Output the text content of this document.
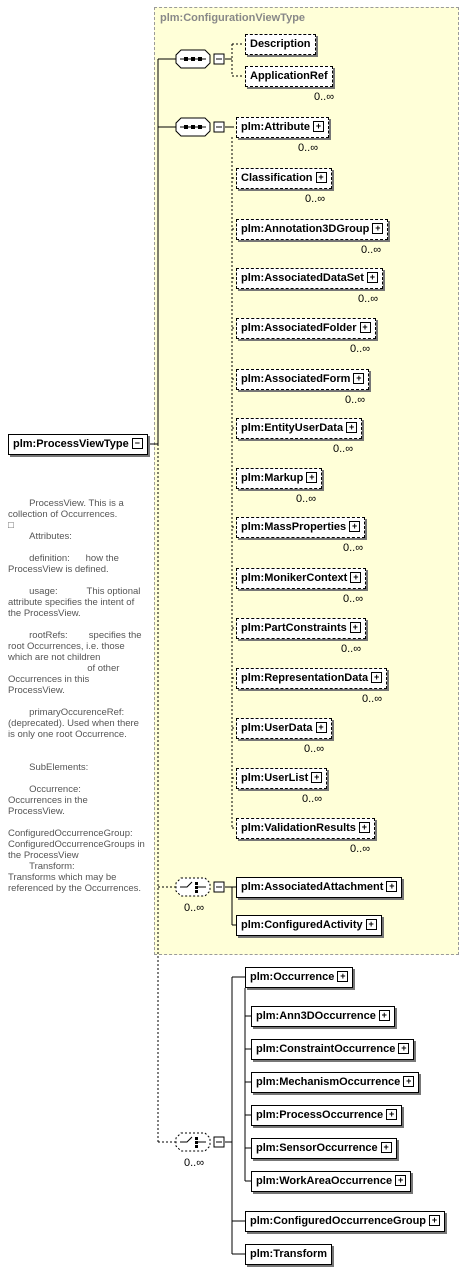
plm:ConfigurationViewType
plm:ProcessViewType −

ProcessView. This is a collection of Occurrences.
□
Attributes:

definition:      how the ProcessView is defined.

usage:           This optional attribute specifies the intent of the ProcessView.

rootRefs:        specifies the root Occurrences, i.e. those which are not children
of other Occurrences in this ProcessView.

primaryOccurenceRef: (deprecated). Used when there is only one root Occurrence.

SubElements:

Occurrence:
Occurrences in the ProcessView.

ConfiguredOccurrenceGroup:
ConfiguredOccurrenceGroups in the ProcessView
Transform:
Transforms which may be referenced by the Occurrences.

Description
ApplicationRef
0..∞
plm:Attribute +
0..∞
Classification +
0..∞
plm:Annotation3DGroup +
0..∞
plm:AssociatedDataSet +
0..∞
plm:AssociatedFolder +
0..∞
plm:AssociatedForm +
0..∞
plm:EntityUserData +
0..∞
plm:Markup +
0..∞
plm:MassProperties +
0..∞
plm:MonikerContext +
0..∞
plm:PartConstraints +
0..∞
plm:RepresentationData +
0..∞
plm:UserData +
0..∞
plm:UserList +
0..∞
plm:ValidationResults +
0..∞
0..∞
plm:AssociatedAttachment +
plm:ConfiguredActivity +
0..∞
plm:Occurrence +
plm:Ann3DOccurrence +
plm:ConstraintOccurrence +
plm:MechanismOccurrence +
plm:ProcessOccurrence +
plm:SensorOccurrence +
plm:WorkAreaOccurrence +
plm:ConfiguredOccurrenceGroup +
plm:Transform
